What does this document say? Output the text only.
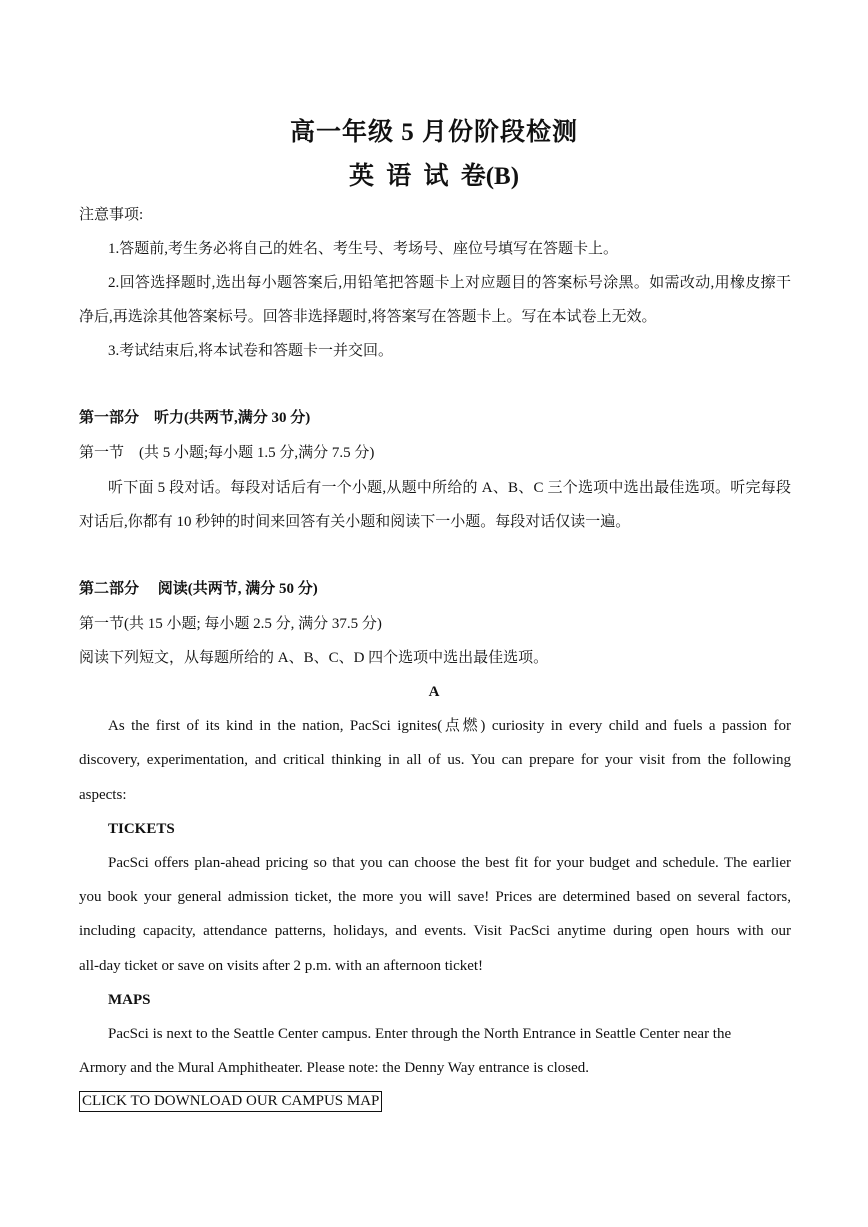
高一年级 5 月份阶段检测
英 语 试 卷(B)
注意事项:
1.答题前,考生务必将自己的姓名、考生号、考场号、座位号填写在答题卡上。
2.回答选择题时,选出每小题答案后,用铅笔把答题卡上对应题目的答案标号涂黑。如需改动,用橡皮擦干
净后,再选涂其他答案标号。回答非选择题时,将答案写在答题卡上。写在本试卷上无效。
3.考试结束后,将本试卷和答题卡一并交回。
第一部分　听力(共两节,满分 30 分)
第一节　(共 5 小题;每小题 1.5 分,满分 7.5 分)
听下面 5 段对话。每段对话后有一个小题,从题中所给的 A、B、C 三个选项中选出最佳选项。听完每段
对话后,你都有 10 秒钟的时间来回答有关小题和阅读下一小题。每段对话仅读一遍。
第二部分　 阅读(共两节, 满分 50 分)
第一节(共 15 小题; 每小题 2.5 分, 满分 37.5 分)
阅读下列短文，从每题所给的 A、B、C、D 四个选项中选出最佳选项。
A
As the first of its kind in the nation, PacSci ignites(点燃) curiosity in every child and fuels a passion for
discovery, experimentation, and critical thinking in all of us. You can prepare for your visit from the following
aspects:
TICKETS
PacSci offers plan-ahead pricing so that you can choose the best fit for your budget and schedule. The earlier
you book your general admission ticket, the more you will save! Prices are determined based on several factors,
including capacity, attendance patterns, holidays, and events. Visit PacSci anytime during open hours with our
all-day ticket or save on visits after 2 p.m. with an afternoon ticket!
MAPS
PacSci is next to the Seattle Center campus. Enter through the North Entrance in Seattle Center near the
Armory and the Mural Amphitheater. Please note: the Denny Way entrance is closed.
CLICK TO DOWNLOAD OUR CAMPUS MAP
